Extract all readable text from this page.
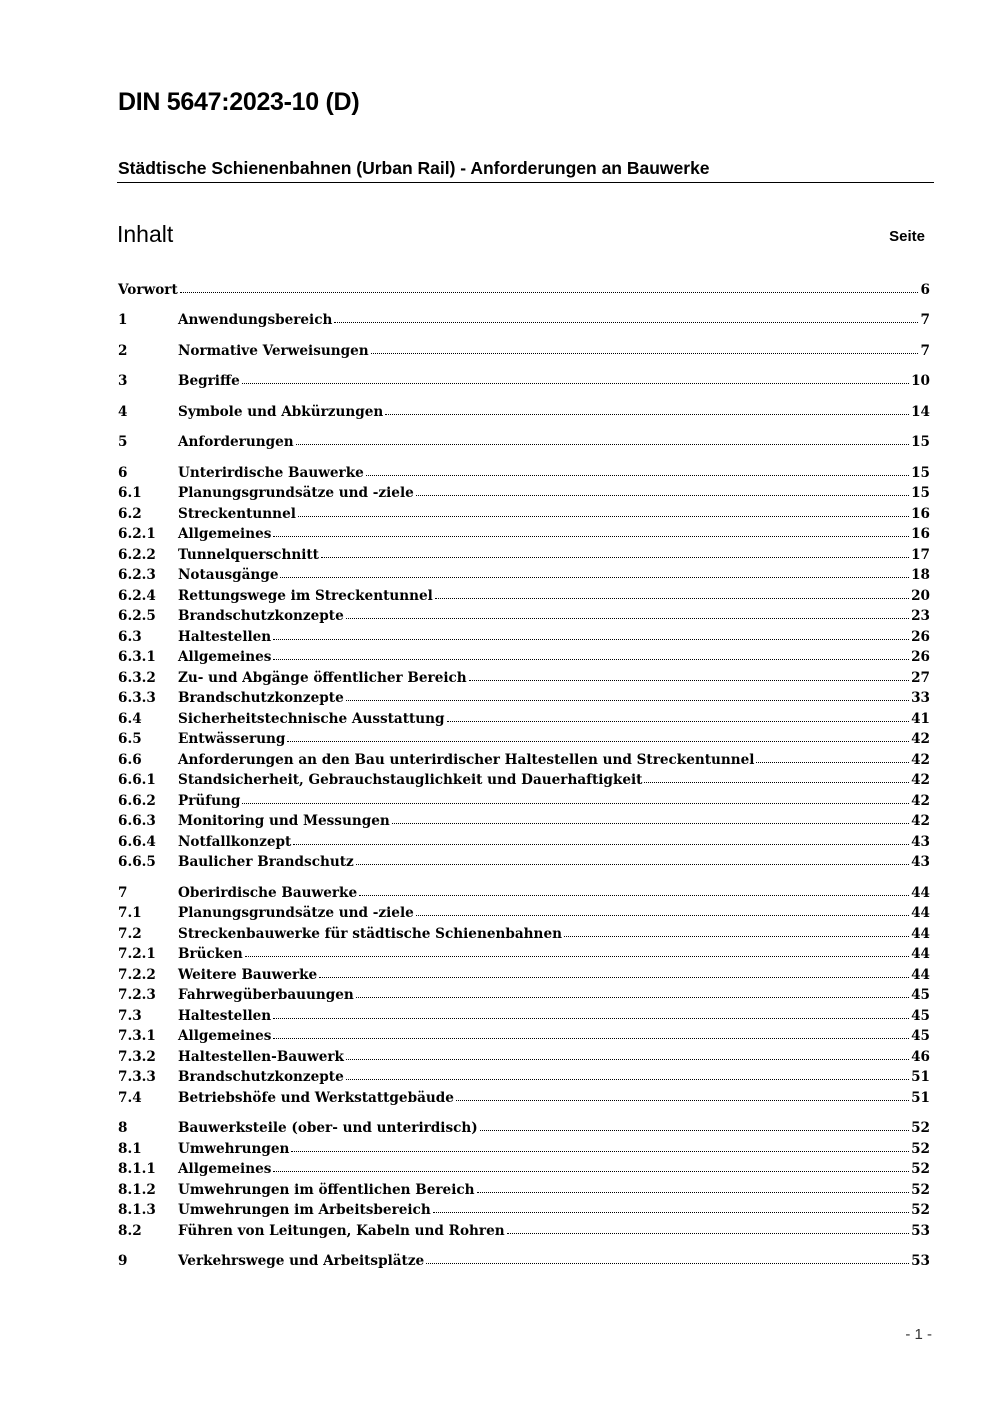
DIN 5647:2023-10 (D)
Städtische Schienenbahnen (Urban Rail) - Anforderungen an Bauwerke
Inhalt	Seite
Vorwort	6
1	Anwendungsbereich	7
2	Normative Verweisungen	7
3	Begriffe	10
4	Symbole und Abkürzungen	14
5	Anforderungen	15
6	Unterirdische Bauwerke	15
6.1	Planungsgrundsätze und -ziele	15
6.2	Streckentunnel	16
6.2.1	Allgemeines	16
6.2.2	Tunnelquerschnitt	17
6.2.3	Notausgänge	18
6.2.4	Rettungswege im Streckentunnel	20
6.2.5	Brandschutzkonzepte	23
6.3	Haltestellen	26
6.3.1	Allgemeines	26
6.3.2	Zu- und Abgänge öffentlicher Bereich	27
6.3.3	Brandschutzkonzepte	33
6.4	Sicherheitstechnische Ausstattung	41
6.5	Entwässerung	42
6.6	Anforderungen an den Bau unterirdischer Haltestellen und Streckentunnel	42
6.6.1	Standsicherheit, Gebrauchstauglichkeit und Dauerhaftigkeit	42
6.6.2	Prüfung	42
6.6.3	Monitoring und Messungen	42
6.6.4	Notfallkonzept	43
6.6.5	Baulicher Brandschutz	43
7	Oberirdische Bauwerke	44
7.1	Planungsgrundsätze und -ziele	44
7.2	Streckenbauwerke für städtische Schienenbahnen	44
7.2.1	Brücken	44
7.2.2	Weitere Bauwerke	44
7.2.3	Fahrwegüberbauungen	45
7.3	Haltestellen	45
7.3.1	Allgemeines	45
7.3.2	Haltestellen-Bauwerk	46
7.3.3	Brandschutzkonzepte	51
7.4	Betriebshöfe und Werkstattgebäude	51
8	Bauwerksteile (ober- und unterirdisch)	52
8.1	Umwehrungen	52
8.1.1	Allgemeines	52
8.1.2	Umwehrungen im öffentlichen Bereich	52
8.1.3	Umwehrungen im Arbeitsbereich	52
8.2	Führen von Leitungen, Kabeln und Rohren	53
9	Verkehrswege und Arbeitsplätze	53
- 1 -
